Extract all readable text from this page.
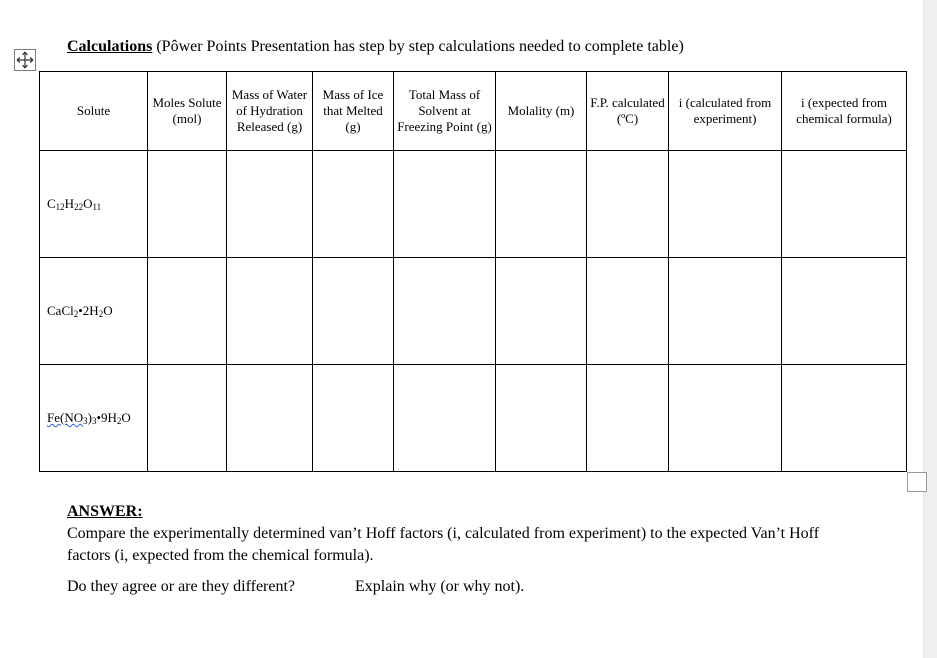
Calculations (Pôwer Points Presentation has step by step calculations needed to complete table)
Solute	Moles Solute (mol)	Mass of Water of Hydration Released (g)	Mass of Ice that Melted (g)	Total Mass of Solvent at Freezing Point (g)	Molality (m)	F.P. calculated (ºC)	i (calculated from experiment)	i (expected from chemical formula)
$C_{12}H_{22}O_{11}$								
$CaCl_2•2H_2O$								
$Fe(NO_3)_3•9H_2O$								
ANSWER:
Compare the experimentally determined van’t Hoff factors (i, calculated from experiment) to the expected Van’t Hoff factors (i, expected from the chemical formula).
Do they agree or are they different?	Explain why (or why not).
